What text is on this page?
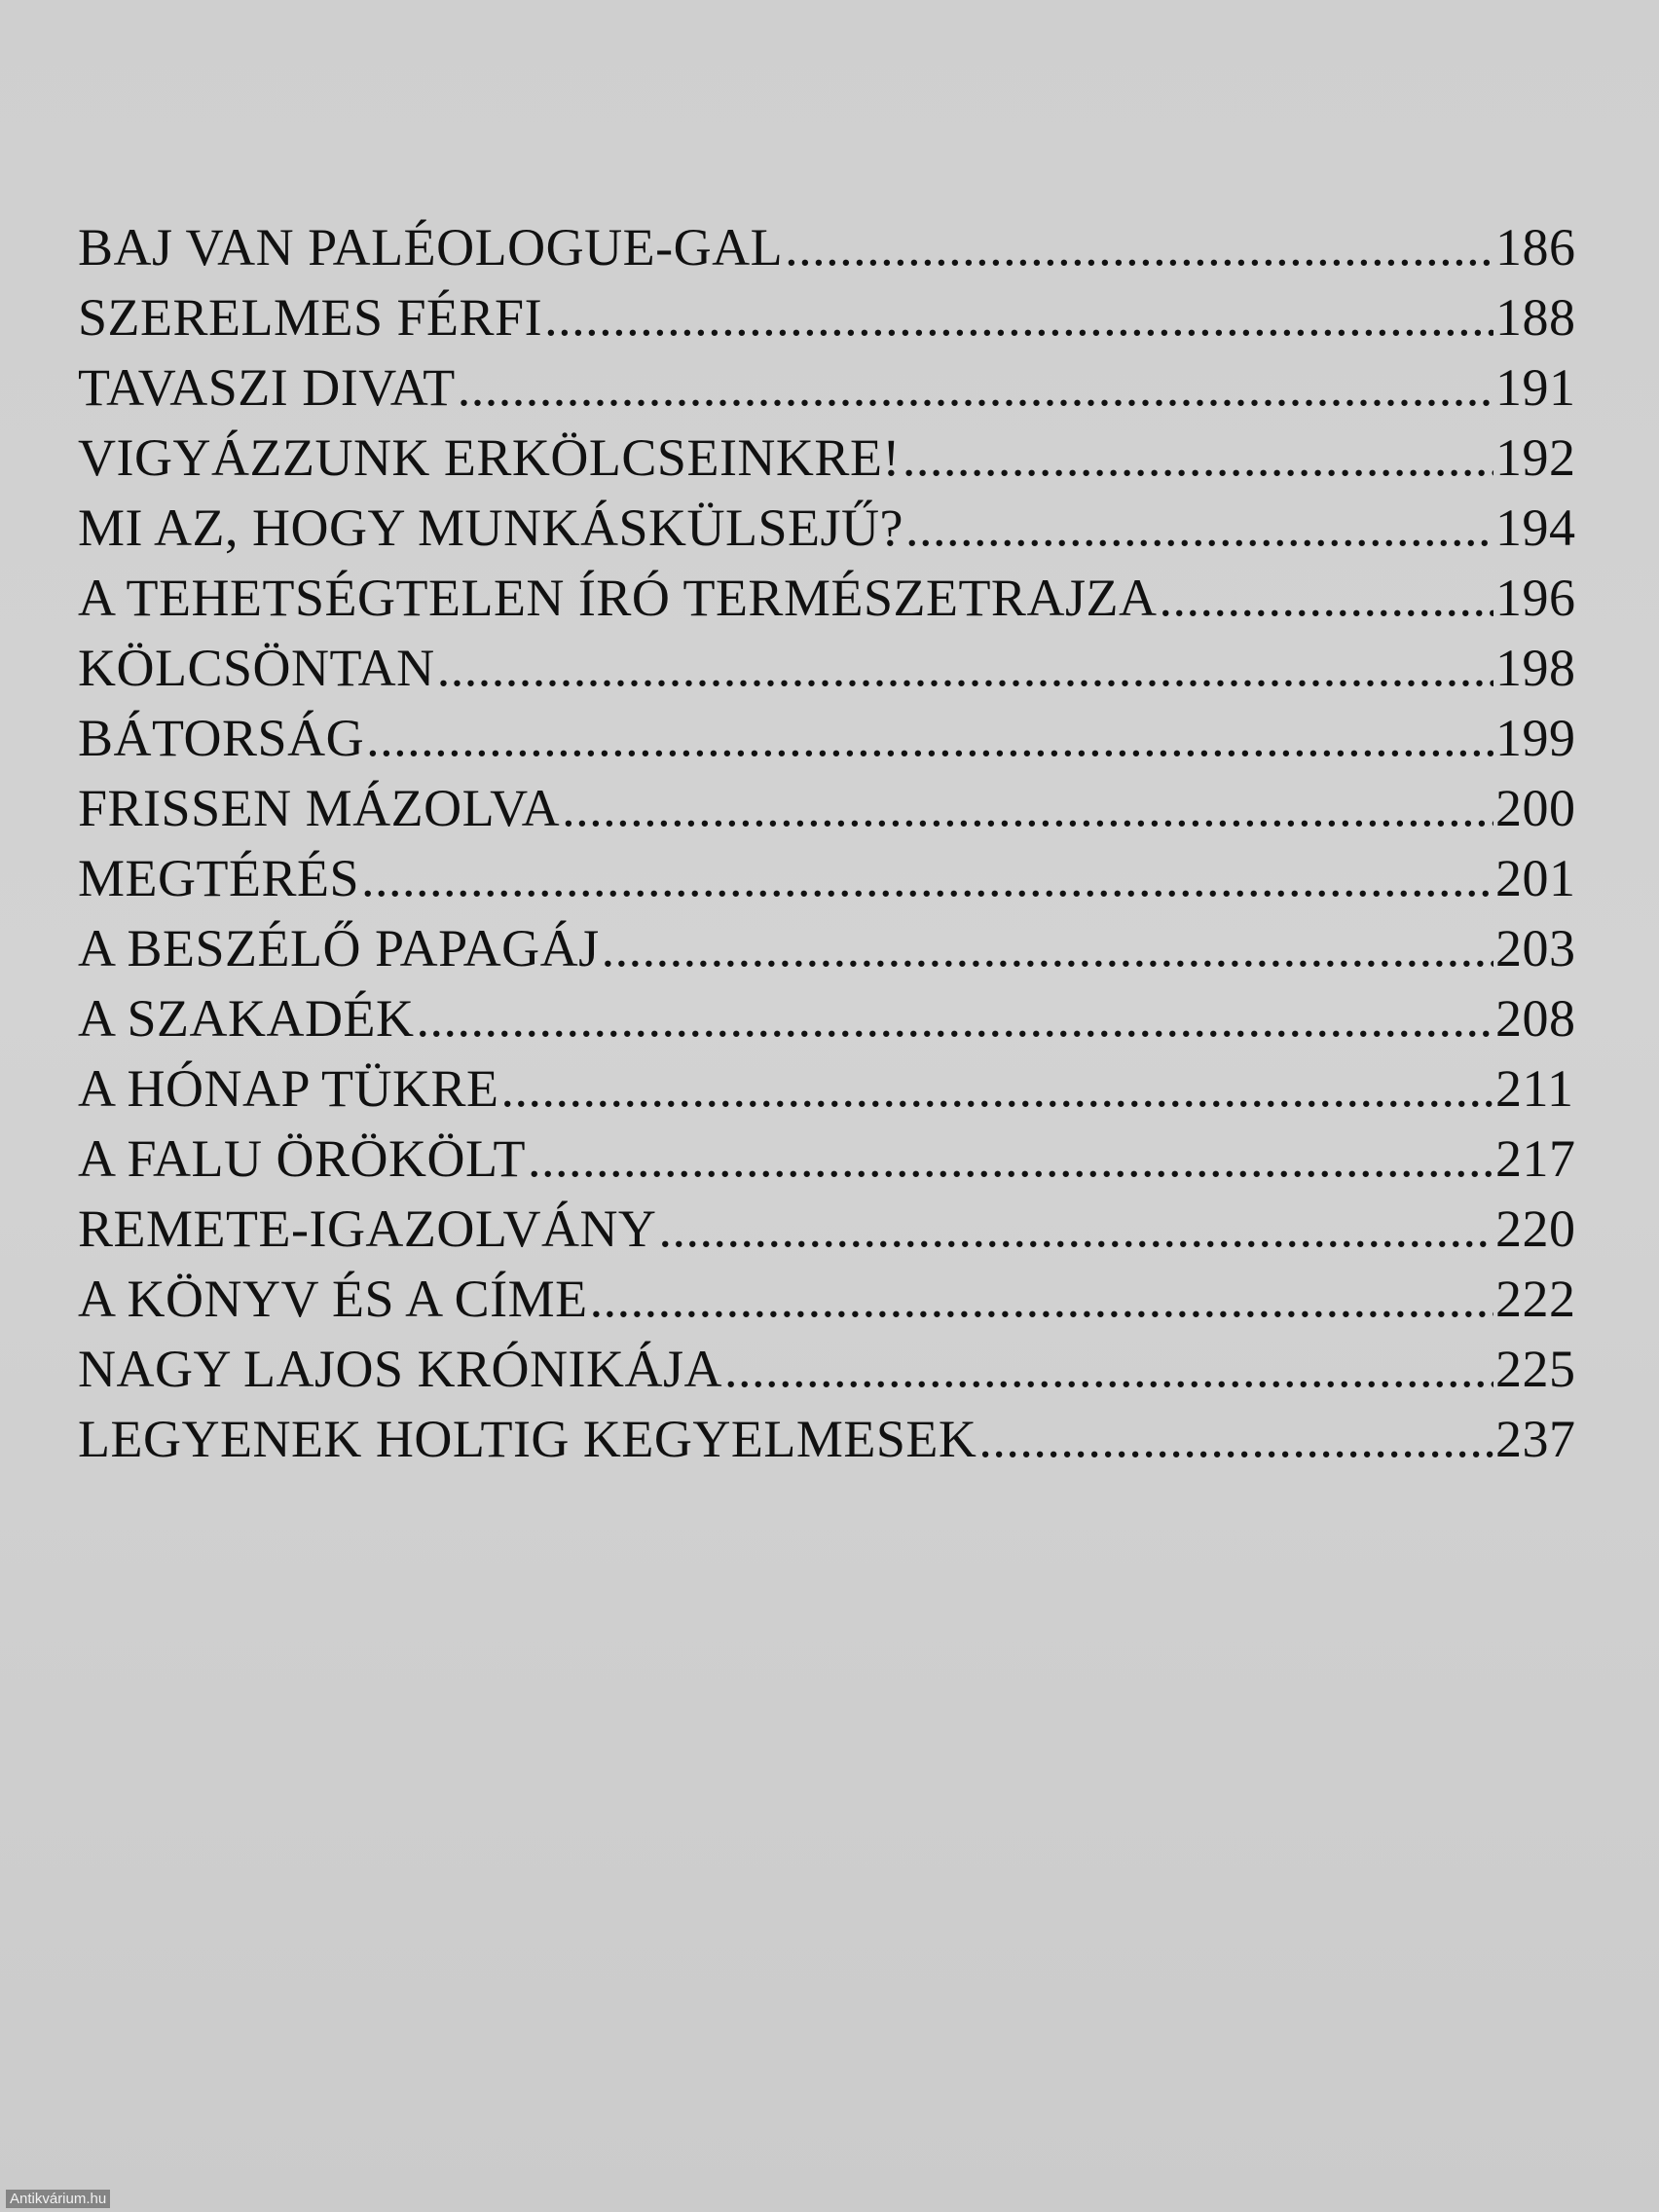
BAJ VAN PALÉOLOGUE-GAL .....	186
SZERELMES FÉRFI .....	188
TAVASZI DIVAT .....	191
VIGYÁZZUNK ERKÖLCSEINKRE! .....	192
MI AZ, HOGY MUNKÁSKÜLSEJŰ? .....	194
A TEHETSÉGTELEN ÍRÓ TERMÉSZETRAJZA .....	196
KÖLCSÖNTAN .....	198
BÁTORSÁG .....	199
FRISSEN MÁZOLVA .....	200
MEGTÉRÉS .....	201
A BESZÉLŐ PAPAGÁJ .....	203
A SZAKADÉK .....	208
A HÓNAP TÜKRE .....	211
A FALU ÖRÖKÖLT .....	217
REMETE-IGAZOLVÁNY .....	220
A KÖNYV ÉS A CÍME .....	222
NAGY LAJOS KRÓNIKÁJA .....	225
LEGYENEK HOLTIG KEGYELMESEK .....	237
Antikvárium.hu
